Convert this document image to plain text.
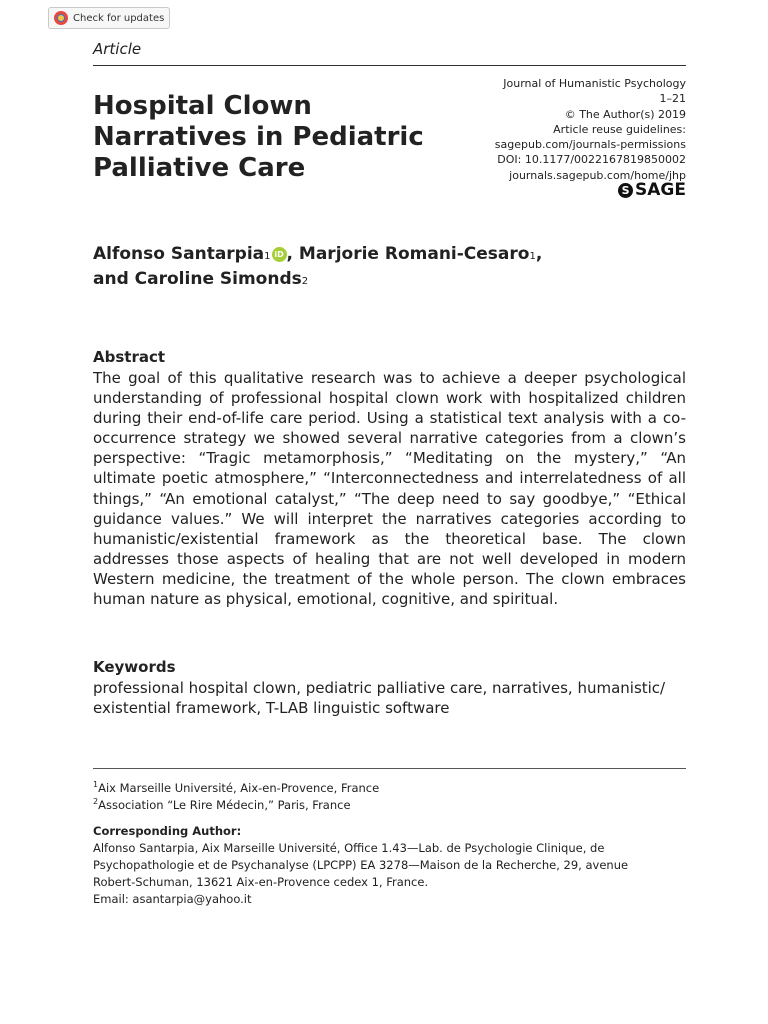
Check for updates
Article
Hospital Clown Narratives in Pediatric Palliative Care
Journal of Humanistic Psychology
1–21
© The Author(s) 2019
Article reuse guidelines:
sagepub.com/journals-permissions
DOI: 10.1177/0022167819850002
journals.sagepub.com/home/jhp
S SAGE
Alfonso Santarpia$^1$ iD , Marjorie Romani-Cesaro$^1$,
and Caroline Simonds$^2$
Abstract

The goal of this qualitative research was to achieve a deeper psychological understanding of professional hospital clown work with hospitalized children during their end-of-life care period. Using a statistical text analysis with a co-occurrence strategy we showed several narrative categories from a clown’s perspective: “Tragic metamorphosis,” “Meditating on the mystery,” “An ultimate poetic atmosphere,” “Interconnectedness and interrelatedness of all things,” “An emotional catalyst,” “The deep need to say goodbye,” “Ethical guidance values.” We will interpret the narratives categories according to humanistic/existential framework as the theoretical base. The clown addresses those aspects of healing that are not well developed in modern Western medicine, the treatment of the whole person. The clown embraces human nature as physical, emotional, cognitive, and spiritual.

Keywords

professional hospital clown, pediatric palliative care, narratives, humanistic/
existential framework, T-LAB linguistic software

$^1$Aix Marseille Université, Aix-en-Provence, France
$^2$Association “Le Rire Médecin,” Paris, France
Corresponding Author:
Alfonso Santarpia, Aix Marseille Université, Office 1.43—Lab. de Psychologie Clinique, de
Psychopathologie et de Psychanalyse (LPCPP) EA 3278—Maison de la Recherche, 29, avenue
Robert-Schuman, 13621 Aix-en-Provence cedex 1, France.
Email: asantarpia@yahoo.it
